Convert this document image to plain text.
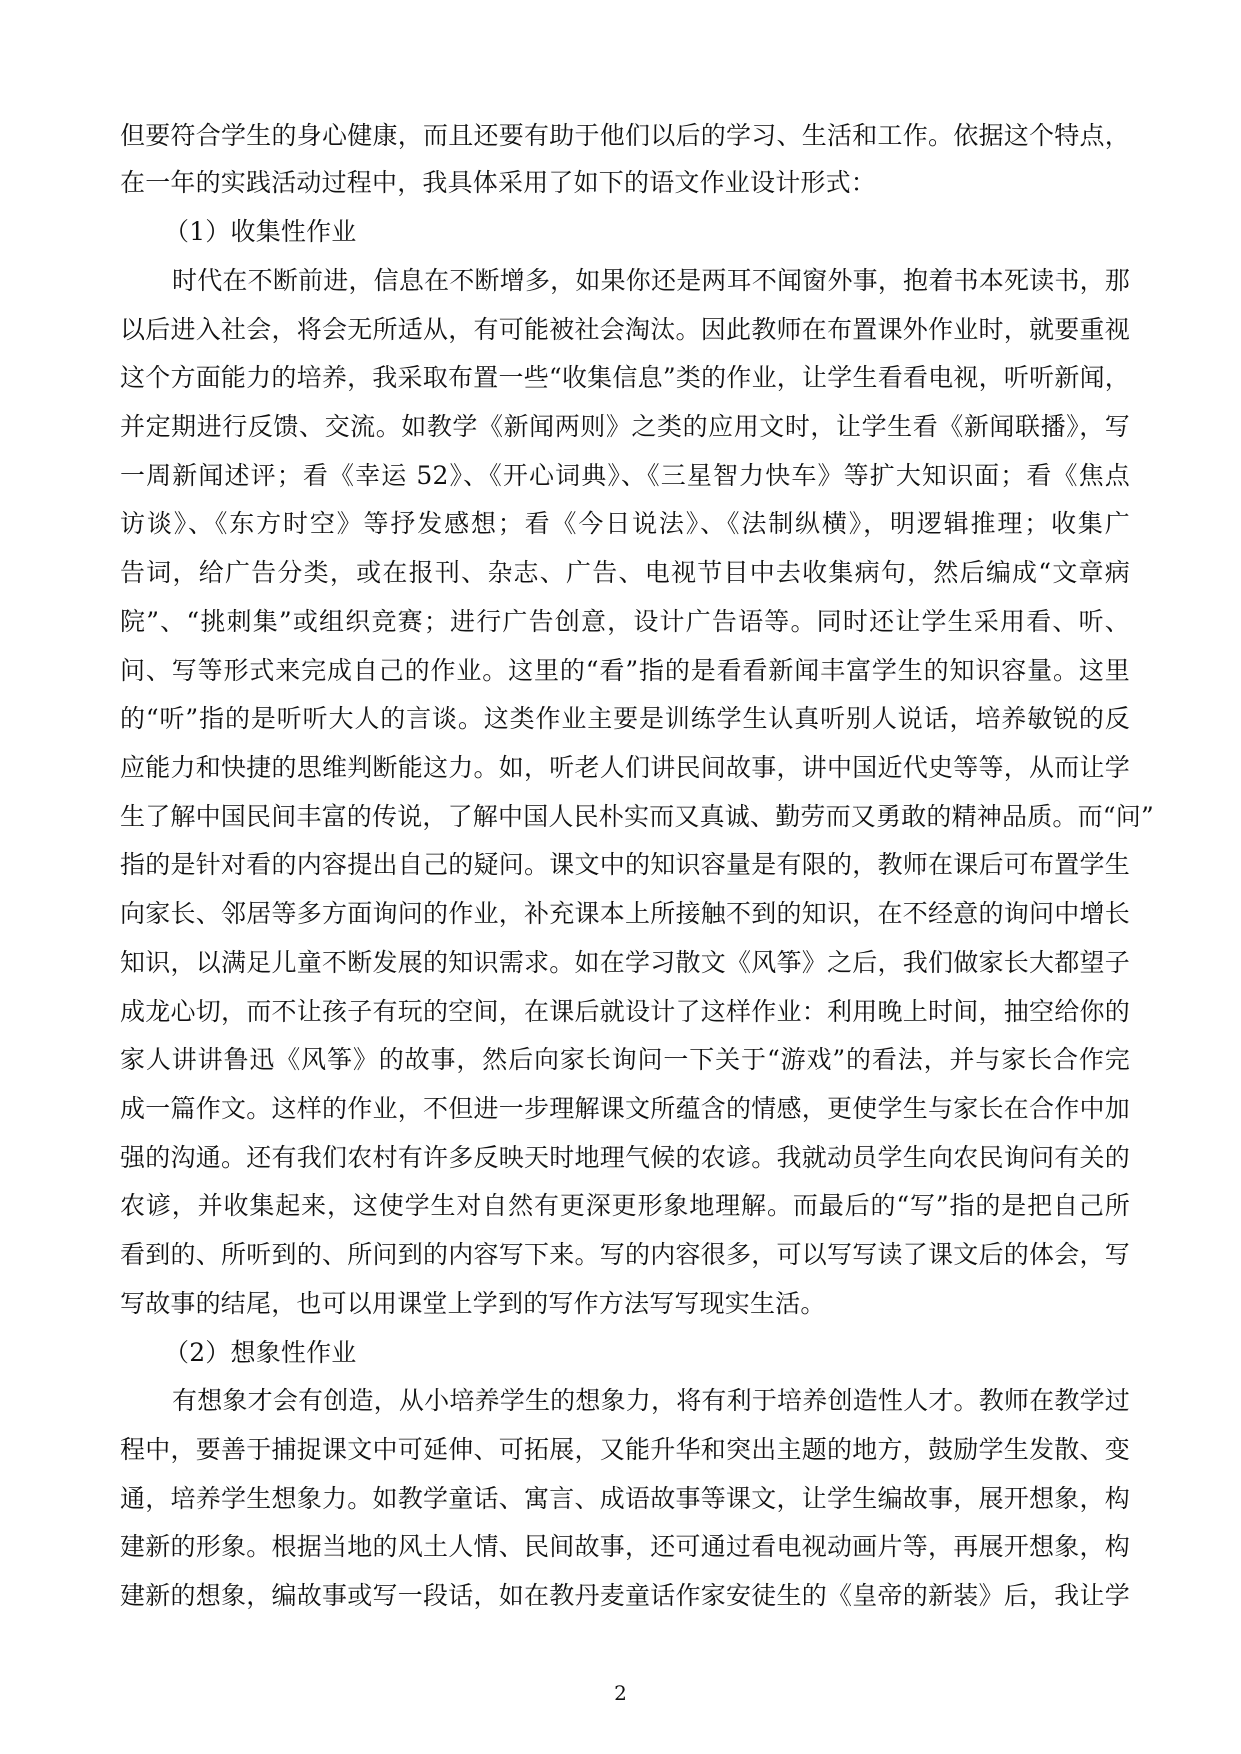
但要符合学生的身心健康，而且还要有助于他们以后的学习、生活和工作。依据这个特点，
在一年的实践活动过程中，我具体采用了如下的语文作业设计形式：
（1）收集性作业
时代在不断前进，信息在不断增多，如果你还是两耳不闻窗外事，抱着书本死读书，那
以后进入社会，将会无所适从，有可能被社会淘汰。因此教师在布置课外作业时，就要重视
这个方面能力的培养，我采取布置一些“收集信息”类的作业，让学生看看电视，听听新闻，
并定期进行反馈、交流。如教学《新闻两则》之类的应用文时，让学生看《新闻联播》，写
一周新闻述评；看《幸运 52》、《开心词典》、《三星智力快车》等扩大知识面；看《焦点
访谈》、《东方时空》等抒发感想；看《今日说法》、《法制纵横》，明逻辑推理；收集广
告词，给广告分类，或在报刊、杂志、广告、电视节目中去收集病句，然后编成“文章病
院”、“挑刺集”或组织竞赛；进行广告创意，设计广告语等。同时还让学生采用看、听、
问、写等形式来完成自己的作业。这里的“看”指的是看看新闻丰富学生的知识容量。这里
的“听”指的是听听大人的言谈。这类作业主要是训练学生认真听别人说话，培养敏锐的反
应能力和快捷的思维判断能这力。如，听老人们讲民间故事，讲中国近代史等等，从而让学
生了解中国民间丰富的传说，了解中国人民朴实而又真诚、勤劳而又勇敢的精神品质。而“问”
指的是针对看的内容提出自己的疑问。课文中的知识容量是有限的，教师在课后可布置学生
向家长、邻居等多方面询问的作业，补充课本上所接触不到的知识，在不经意的询问中增长
知识，以满足儿童不断发展的知识需求。如在学习散文《风筝》之后，我们做家长大都望子
成龙心切，而不让孩子有玩的空间，在课后就设计了这样作业：利用晚上时间，抽空给你的
家人讲讲鲁迅《风筝》的故事，然后向家长询问一下关于“游戏”的看法，并与家长合作完
成一篇作文。这样的作业，不但进一步理解课文所蕴含的情感，更使学生与家长在合作中加
强的沟通。还有我们农村有许多反映天时地理气候的农谚。我就动员学生向农民询问有关的
农谚，并收集起来，这使学生对自然有更深更形象地理解。而最后的“写”指的是把自己所
看到的、所听到的、所问到的内容写下来。写的内容很多，可以写写读了课文后的体会，写
写故事的结尾，也可以用课堂上学到的写作方法写写现实生活。
（2）想象性作业
有想象才会有创造，从小培养学生的想象力，将有利于培养创造性人才。教师在教学过
程中，要善于捕捉课文中可延伸、可拓展，又能升华和突出主题的地方，鼓励学生发散、变
通，培养学生想象力。如教学童话、寓言、成语故事等课文，让学生编故事，展开想象，构
建新的形象。根据当地的风土人情、民间故事，还可通过看电视动画片等，再展开想象，构
建新的想象，编故事或写一段话，如在教丹麦童话作家安徒生的《皇帝的新装》后，我让学
2
